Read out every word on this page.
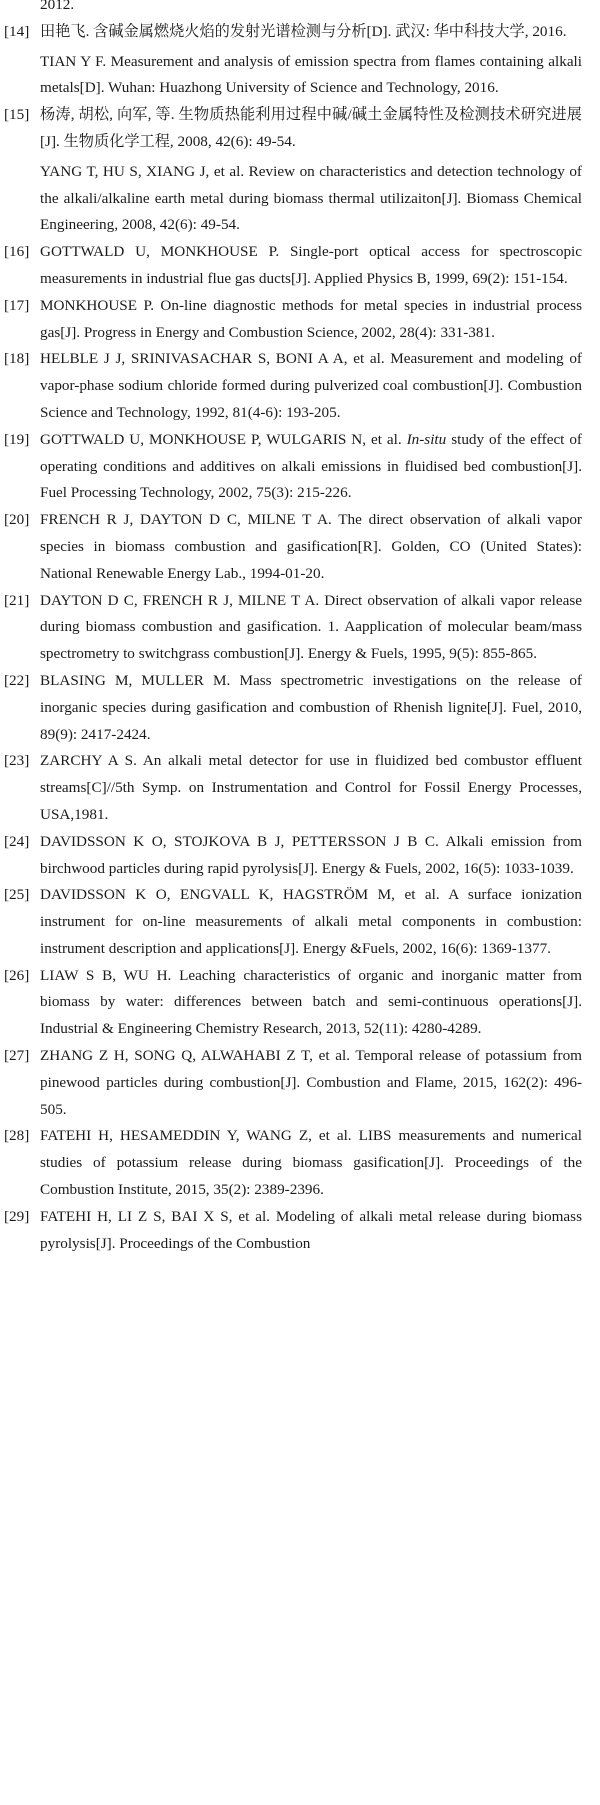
2012.
[14] 田艳飞. 含碱金属燃烧火焰的发射光谱检测与分析[D]. 武汉: 华中科技大学, 2016.

TIAN Y F. Measurement and analysis of emission spectra from flames containing alkali metals[D]. Wuhan: Huazhong University of Science and Technology, 2016.

[15] 杨涛, 胡松, 向军, 等. 生物质热能利用过程中碱/碱土金属特性及检测技术研究进展[J]. 生物质化学工程, 2008, 42(6): 49-54.

YANG T, HU S, XIANG J, et al. Review on characteristics and detection technology of the alkali/alkaline earth metal during biomass thermal utilizaiton[J]. Biomass Chemical Engineering, 2008, 42(6): 49-54.

[16] GOTTWALD U, MONKHOUSE P. Single-port optical access for spectroscopic measurements in industrial flue gas ducts[J]. Applied Physics B, 1999, 69(2): 151-154.

[17] MONKHOUSE P. On-line diagnostic methods for metal species in industrial process gas[J]. Progress in Energy and Combustion Science, 2002, 28(4): 331-381.

[18] HELBLE J J, SRINIVASACHAR S, BONI A A, et al. Measurement and modeling of vapor-phase sodium chloride formed during pulverized coal combustion[J]. Combustion Science and Technology, 1992, 81(4-6): 193-205.

[19] GOTTWALD U, MONKHOUSE P, WULGARIS N, et al. In-situ study of the effect of operating conditions and additives on alkali emissions in fluidised bed combustion[J]. Fuel Processing Technology, 2002, 75(3): 215-226.

[20] FRENCH R J, DAYTON D C, MILNE T A. The direct observation of alkali vapor species in biomass combustion and gasification[R]. Golden, CO (United States): National Renewable Energy Lab., 1994-01-20.

[21] DAYTON D C, FRENCH R J, MILNE T A. Direct observation of alkali vapor release during biomass combustion and gasification. 1. Aapplication of molecular beam/mass spectrometry to switchgrass combustion[J]. Energy & Fuels, 1995, 9(5): 855-865.

[22] BLASING M, MULLER M. Mass spectrometric investigations on the release of inorganic species during gasification and combustion of Rhenish lignite[J]. Fuel, 2010, 89(9): 2417-2424.

[23] ZARCHY A S. An alkali metal detector for use in fluidized bed combustor effluent streams[C]//5th Symp. on Instrumentation and Control for Fossil Energy Processes, USA,1981.

[24] DAVIDSSON K O, STOJKOVA B J, PETTERSSON J B C. Alkali emission from birchwood particles during rapid pyrolysis[J]. Energy & Fuels, 2002, 16(5): 1033-1039.

[25] DAVIDSSON K O, ENGVALL K, HAGSTRÖM M, et al. A surface ionization instrument for on-line measurements of alkali metal components in combustion: instrument description and applications[J]. Energy &Fuels, 2002, 16(6): 1369-1377.

[26] LIAW S B, WU H. Leaching characteristics of organic and inorganic matter from biomass by water: differences between batch and semi-continuous operations[J]. Industrial & Engineering Chemistry Research, 2013, 52(11): 4280-4289.

[27] ZHANG Z H, SONG Q, ALWAHABI Z T, et al. Temporal release of potassium from pinewood particles during combustion[J]. Combustion and Flame, 2015, 162(2): 496-505.

[28] FATEHI H, HESAMEDDIN Y, WANG Z, et al. LIBS measurements and numerical studies of potassium release during biomass gasification[J]. Proceedings of the Combustion Institute, 2015, 35(2): 2389-2396.

[29] FATEHI H, LI Z S, BAI X S, et al. Modeling of alkali metal release during biomass pyrolysis[J]. Proceedings of the Combustion
